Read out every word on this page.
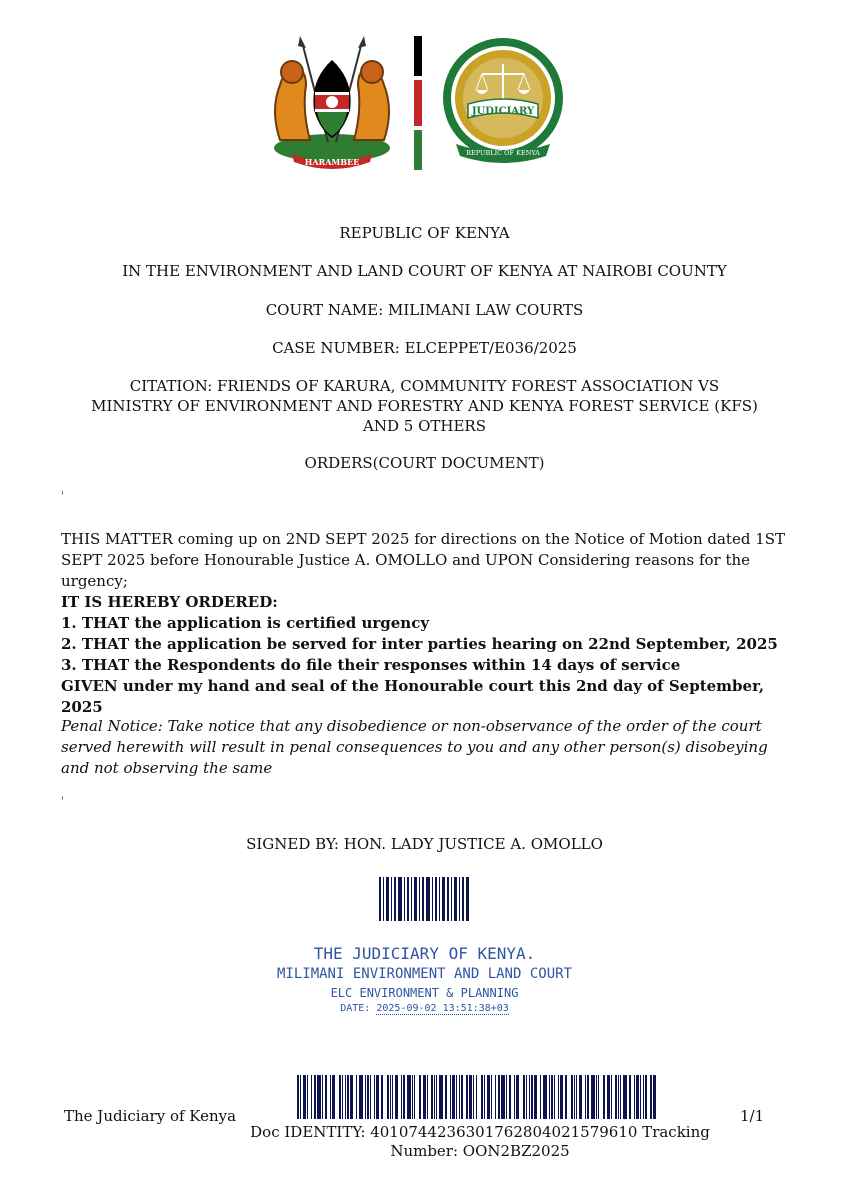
HARAMBEE
JUDICIARY
REPUBLIC OF KENYA
REPUBLIC OF KENYA
IN THE ENVIRONMENT AND LAND COURT OF KENYA AT NAIROBI COUNTY
COURT NAME: MILIMANI LAW COURTS
CASE NUMBER: ELCEPPET/E036/2025
CITATION: FRIENDS OF KARURA, COMMUNITY FOREST ASSOCIATION VS MINISTRY OF ENVIRONMENT AND FORESTRY AND KENYA FOREST SERVICE (KFS) AND 5 OTHERS
ORDERS(COURT DOCUMENT)
'

THIS MATTER coming up on 2ND SEPT 2025 for directions on the Notice of Motion dated 1ST SEPT 2025 before Honourable Justice A. OMOLLO and UPON Considering reasons for the urgency;

IT IS HEREBY ORDERED:

1. THAT the application is certified urgency

2. THAT the application be served for inter parties hearing on 22nd September, 2025

3. THAT the Respondents do file their responses within 14 days of service

GIVEN under my hand and seal of the Honourable court this 2nd day of September, 2025

Penal Notice: Take notice that any disobedience or non-observance of the order of the court served herewith will result in penal consequences to you and any other person(s) disobeying and not observing the same
'
SIGNED BY: HON. LADY JUSTICE A. OMOLLO
THE JUDICIARY OF KENYA.
MILIMANI ENVIRONMENT AND LAND COURT
ELC ENVIRONMENT & PLANNING
DATE: 2025-09-02 13:51:38+03
The Judiciary of Kenya
Doc IDENTITY: 4010744236301762804021579610 Tracking Number: OON2BZ2025
1/1
